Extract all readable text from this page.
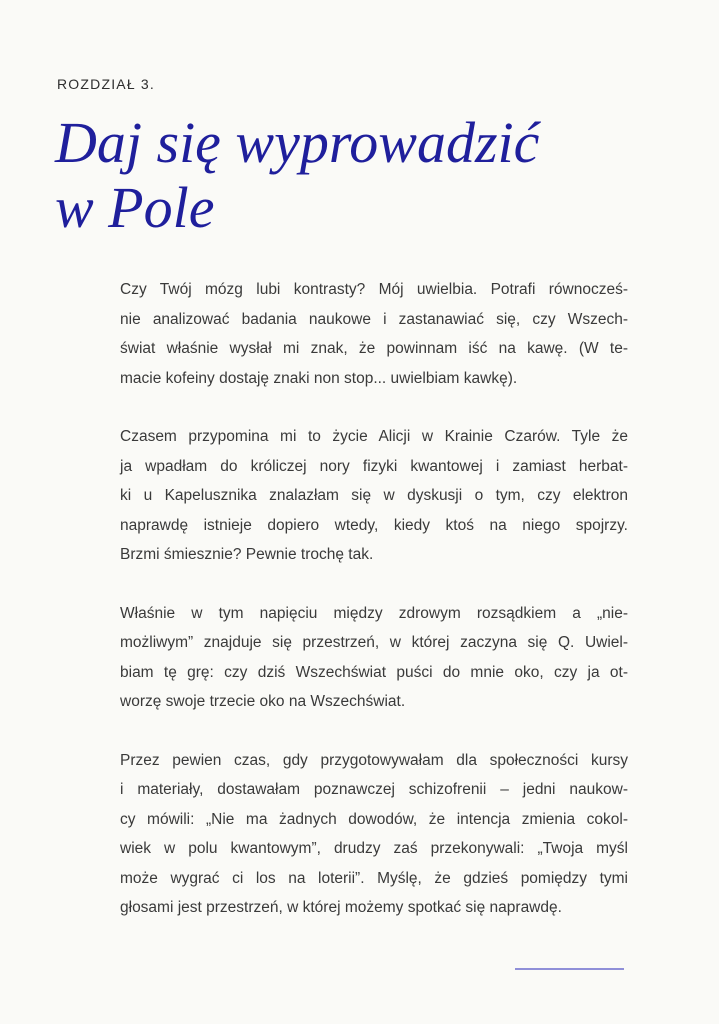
ROZDZIAŁ 3.
Daj się wyprowadzić
w Pole

Czy Twój mózg lubi kontrasty? Mój uwielbia. Potrafi równocześ-
nie analizować badania naukowe i zastanawiać się, czy Wszech-
świat właśnie wysłał mi znak, że powinnam iść na kawę. (W te-
macie kofeiny dostaję znaki non stop... uwielbiam kawkę).

Czasem przypomina mi to życie Alicji w Krainie Czarów. Tyle że
ja wpadłam do króliczej nory fizyki kwantowej i zamiast herbat-
ki u Kapelusznika znalazłam się w dyskusji o tym, czy elektron
naprawdę istnieje dopiero wtedy, kiedy ktoś na niego spojrzy.
Brzmi śmiesznie? Pewnie trochę tak.

Właśnie w tym napięciu między zdrowym rozsądkiem a „nie-
możliwym” znajduje się przestrzeń, w której zaczyna się Q. Uwiel-
biam tę grę: czy dziś Wszechświat puści do mnie oko, czy ja ot-
worzę swoje trzecie oko na Wszechświat.

Przez pewien czas, gdy przygotowywałam dla społeczności kursy
i materiały, dostawałam poznawczej schizofrenii – jedni naukow-
cy mówili: „Nie ma żadnych dowodów, że intencja zmienia cokol-
wiek w polu kwantowym”, drudzy zaś przekonywali: „Twoja myśl
może wygrać ci los na loterii”. Myślę, że gdzieś pomiędzy tymi
głosami jest przestrzeń, w której możemy spotkać się naprawdę.
